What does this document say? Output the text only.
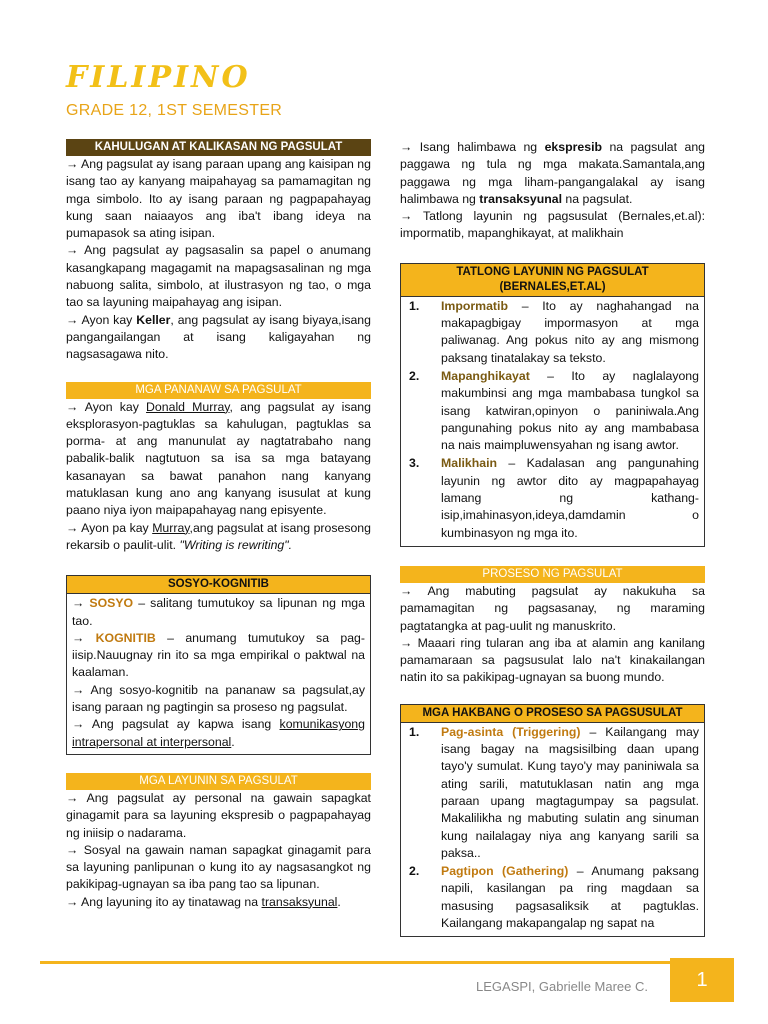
FILIPINO
GRADE 12, 1ST SEMESTER
KAHULUGAN AT KALIKASAN NG PAGSULAT

→ Ang pagsulat ay isang paraan upang ang kaisipan ng isang tao ay kanyang maipahayag sa pamamagitan ng mga simbolo. Ito ay isang paraan ng pagpapahayag kung saan naiaayos ang iba't ibang ideya na pumapasok sa ating isipan.

→ Ang pagsulat ay pagsasalin sa papel o anumang kasangkapang magagamit na mapagsasalinan ng mga nabuong salita, simbolo, at ilustrasyon ng tao, o mga tao sa layuning maipahayag ang isipan.

→ Ayon kay Keller, ang pagsulat ay isang biyaya,isang pangangailangan at isang kaligayahan ng nagsasagawa nito.

MGA PANANAW SA PAGSULAT

→ Ayon kay Donald Murray, ang pagsulat ay isang eksplorasyon-pagtuklas sa kahulugan, pagtuklas sa porma- at ang manunulat ay nagtatrabaho nang pabalik-balik nagtutuon sa isa sa mga batayang kasanayan sa bawat panahon nang kanyang matuklasan kung ano ang kanyang isusulat at kung paano niya iyon maipapahayag nang episyente.

→ Ayon pa kay Murray,ang pagsulat at isang prosesong rekarsib o paulit-ulit. "Writing is rewriting".

SOSYO-KOGNITIB

→ SOSYO – salitang tumutukoy sa lipunan ng mga tao.

→ KOGNITIB – anumang tumutukoy sa pag-iisip.Nauugnay rin ito sa mga empirikal o paktwal na kaalaman.

→ Ang sosyo-kognitib na pananaw sa pagsulat,ay isang paraan ng pagtingin sa proseso ng pagsulat.

→ Ang pagsulat ay kapwa isang komunikasyong intrapersonal at interpersonal.

MGA LAYUNIN SA PAGSULAT

→ Ang pagsulat ay personal na gawain sapagkat ginagamit para sa layuning ekspresib o pagpapahayag ng iniisip o nadarama.

→ Sosyal na gawain naman sapagkat ginagamit para sa layuning panlipunan o kung ito ay nagsasangkot ng pakikipag-ugnayan sa iba pang tao sa lipunan.

→ Ang layuning ito ay tinatawag na transaksyunal.

→ Isang halimbawa ng ekspresib na pagsulat ang paggawa ng tula ng mga makata.Samantala,ang paggawa ng mga liham-pangangalakal ay isang halimbawa ng transaksyunal na pagsulat.

→ Tatlong layunin ng pagsusulat (Bernales,et.al): impormatib, mapanghikayat, at malikhain

TATLONG LAYUNIN NG PAGSULAT
(BERNALES,ET.AL)
1. Impormatib – Ito ay naghahangad na makapagbigay impormasyon at mga paliwanag. Ang pokus nito ay ang mismong paksang tinatalakay sa teksto.
2. Mapanghikayat – Ito ay naglalayong makumbinsi ang mga mambabasa tungkol sa isang katwiran,opinyon o paniniwala.Ang pangunahing pokus nito ay ang mambabasa na nais maimpluwensyahan ng isang awtor.
3. Malikhain – Kadalasan ang pangunahing layunin ng awtor dito ay magpapahayag lamang ng kathang-isip,imahinasyon,ideya,damdamin o kumbinasyon ng mga ito.
PROSESO NG PAGSULAT

→ Ang mabuting pagsulat ay nakukuha sa pamamagitan ng pagsasanay, ng maraming pagtatangka at pag-uulit ng manuskrito.

→ Maaari ring tularan ang iba at alamin ang kanilang pamamaraan sa pagsusulat lalo na't kinakailangan natin ito sa pakikipag-ugnayan sa buong mundo.

MGA HAKBANG O PROSESO SA PAGSUSULAT
1. Pag-asinta (Triggering) – Kailangang may isang bagay na magsisilbing daan upang tayo'y sumulat. Kung tayo'y may paniniwala sa ating sarili, matutuklasan natin ang mga paraan upang magtagumpay sa pagsulat. Makalilikha ng mabuting sulatin ang sinuman kung nailalagay niya ang kanyang sarili sa paksa..
2. Pagtipon (Gathering) – Anumang paksang napili, kasilangan pa ring magdaan sa masusing pagsasaliksik at pagtuklas. Kailangang makapangalap ng sapat na
LEGASPI, Gabrielle Maree C.	1
